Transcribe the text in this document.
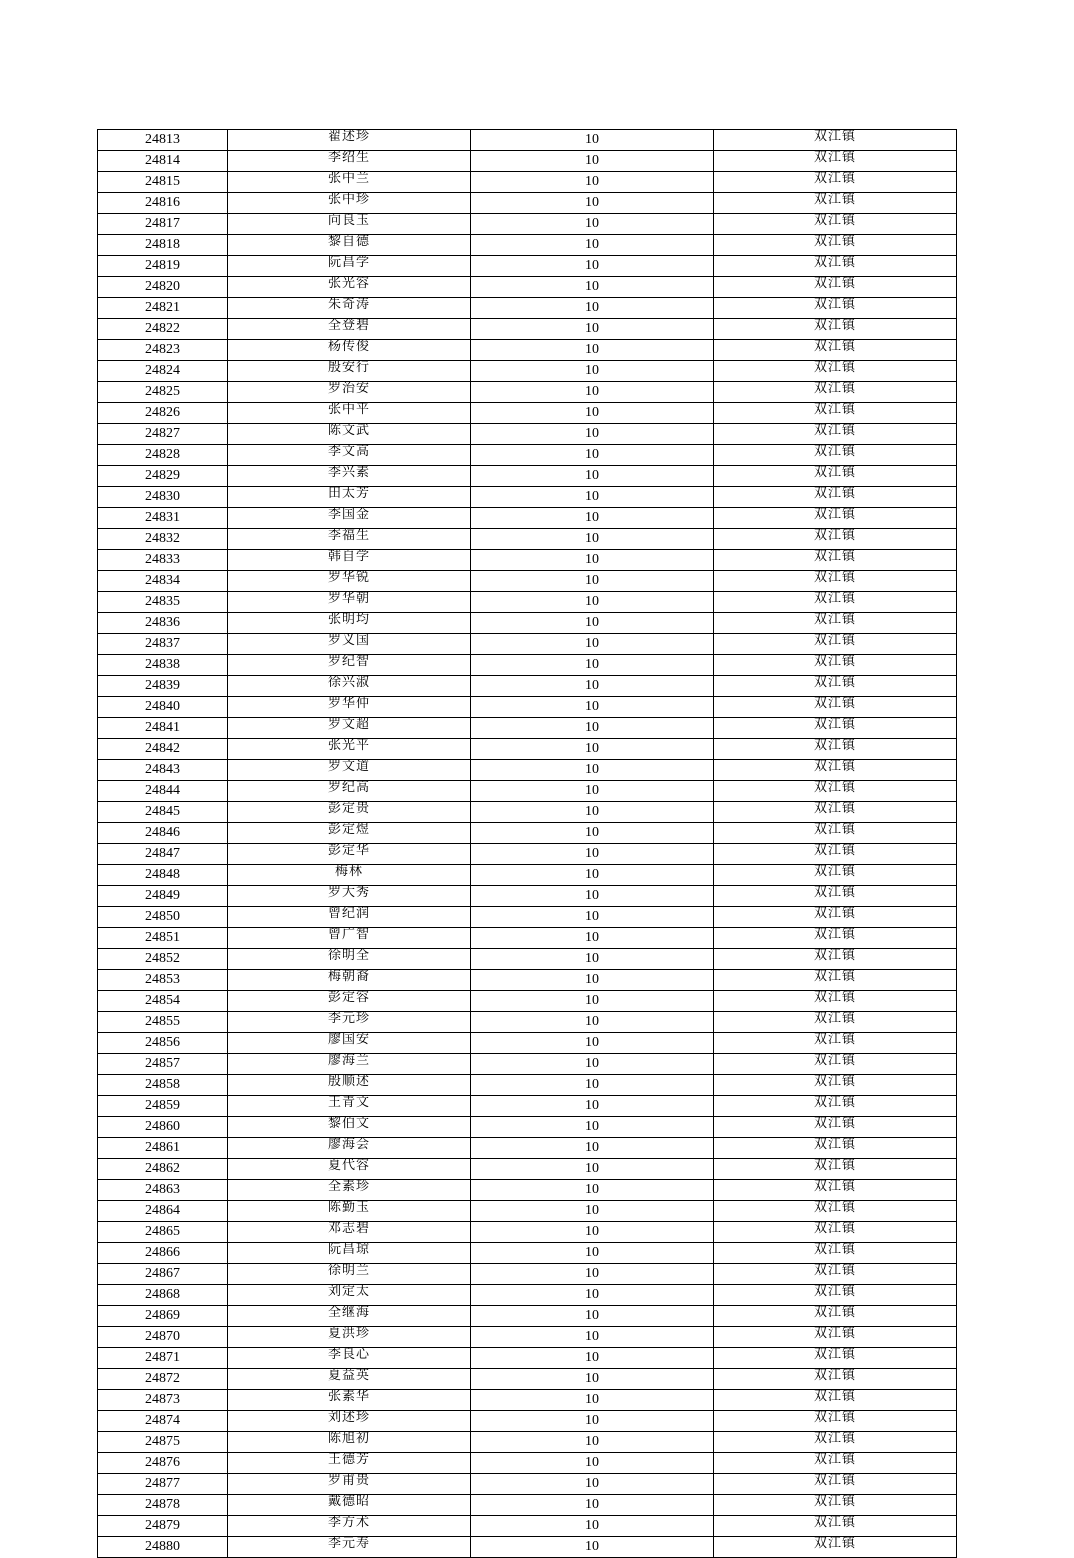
24813	翟述珍	10	双江镇
24814	李绍生	10	双江镇
24815	张中兰	10	双江镇
24816	张中珍	10	双江镇
24817	向良玉	10	双江镇
24818	黎自德	10	双江镇
24819	阮昌学	10	双江镇
24820	张光容	10	双江镇
24821	朱奇涛	10	双江镇
24822	全登碧	10	双江镇
24823	杨传俊	10	双江镇
24824	殷安行	10	双江镇
24825	罗治安	10	双江镇
24826	张中平	10	双江镇
24827	陈文武	10	双江镇
24828	李文高	10	双江镇
24829	李兴素	10	双江镇
24830	田太芳	10	双江镇
24831	李国金	10	双江镇
24832	李福生	10	双江镇
24833	韩自学	10	双江镇
24834	罗华锐	10	双江镇
24835	罗华朝	10	双江镇
24836	张明均	10	双江镇
24837	罗义国	10	双江镇
24838	罗纪智	10	双江镇
24839	徐兴淑	10	双江镇
24840	罗华仲	10	双江镇
24841	罗文超	10	双江镇
24842	张光平	10	双江镇
24843	罗文道	10	双江镇
24844	罗纪高	10	双江镇
24845	彭定贵	10	双江镇
24846	彭定煜	10	双江镇
24847	彭定华	10	双江镇
24848	梅林	10	双江镇
24849	罗大秀	10	双江镇
24850	曾纪润	10	双江镇
24851	曾广智	10	双江镇
24852	徐明全	10	双江镇
24853	梅朝裔	10	双江镇
24854	彭定容	10	双江镇
24855	李元珍	10	双江镇
24856	廖国安	10	双江镇
24857	廖海兰	10	双江镇
24858	殷顺述	10	双江镇
24859	王青文	10	双江镇
24860	黎伯文	10	双江镇
24861	廖海会	10	双江镇
24862	夏代容	10	双江镇
24863	全素珍	10	双江镇
24864	陈勤玉	10	双江镇
24865	邓志碧	10	双江镇
24866	阮昌琼	10	双江镇
24867	徐明兰	10	双江镇
24868	刘定太	10	双江镇
24869	全继海	10	双江镇
24870	夏洪珍	10	双江镇
24871	李良心	10	双江镇
24872	夏益英	10	双江镇
24873	张素华	10	双江镇
24874	刘述珍	10	双江镇
24875	陈旭初	10	双江镇
24876	王德芳	10	双江镇
24877	罗甫贵	10	双江镇
24878	戴德昭	10	双江镇
24879	李方术	10	双江镇
24880	李元寿	10	双江镇
